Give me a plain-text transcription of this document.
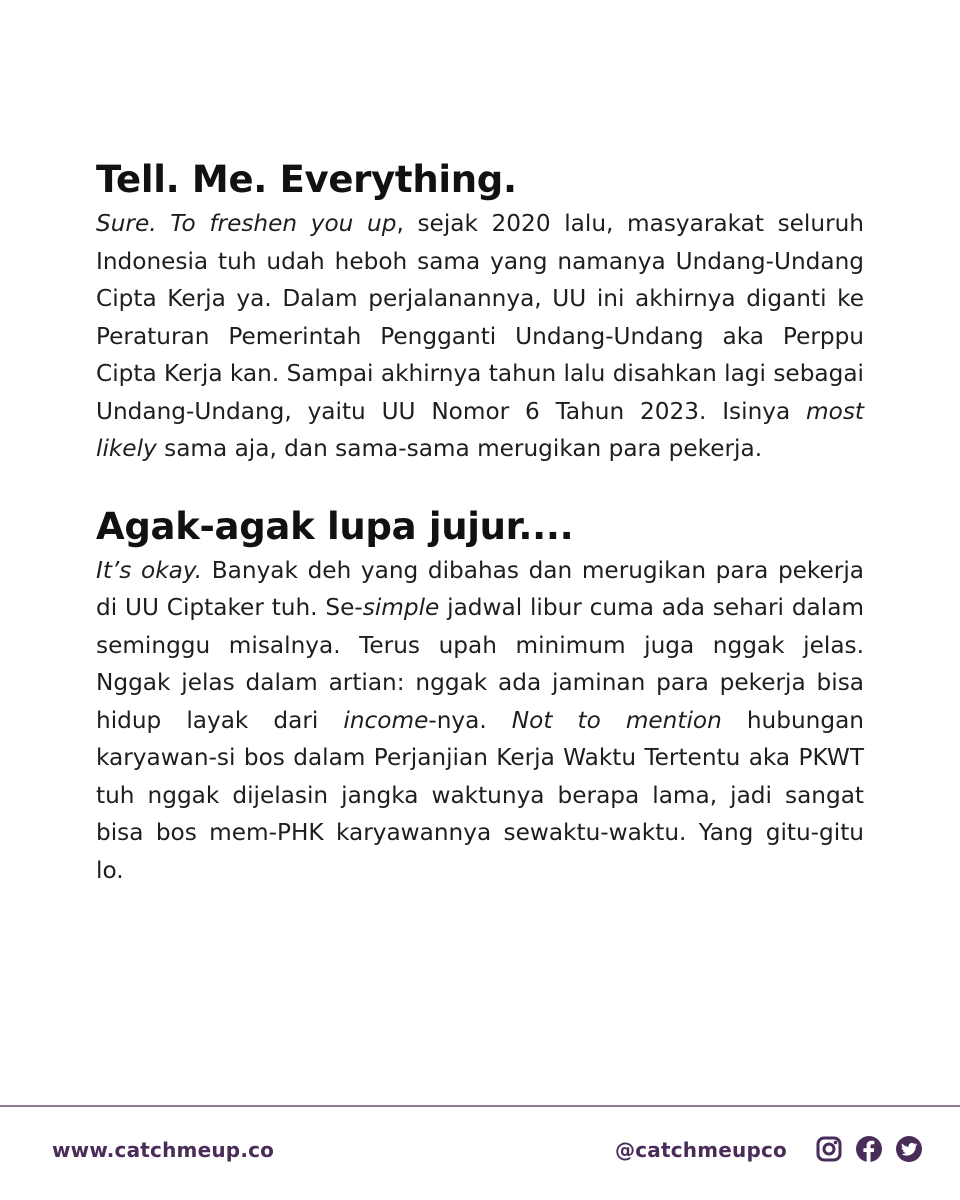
Tell. Me. Everything.

Sure. To freshen you up, sejak 2020 lalu, masyarakat seluruh Indonesia tuh udah heboh sama yang namanya Undang-Undang Cipta Kerja ya. Dalam perjalanannya, UU ini akhirnya diganti ke Peraturan Pemerintah Pengganti Undang-Undang aka Perppu Cipta Kerja kan. Sampai akhirnya tahun lalu disahkan lagi sebagai Undang-Undang, yaitu UU Nomor 6 Tahun 2023. Isinya most likely sama aja, dan sama-sama merugikan para pekerja.

Agak-agak lupa jujur....

It’s okay. Banyak deh yang dibahas dan merugikan para pekerja di UU Ciptaker tuh. Se-simple jadwal libur cuma ada sehari dalam seminggu misalnya. Terus upah minimum juga nggak jelas. Nggak jelas dalam artian: nggak ada jaminan para pekerja bisa hidup layak dari income-nya. Not to mention hubungan karyawan-si bos dalam Perjanjian Kerja Waktu Tertentu aka PKWT tuh nggak dijelasin jangka waktunya berapa lama, jadi sangat bisa bos mem-PHK karyawannya sewaktu-waktu. Yang gitu-gitu lo.

www.catchmeup.co	@catchmeupco
